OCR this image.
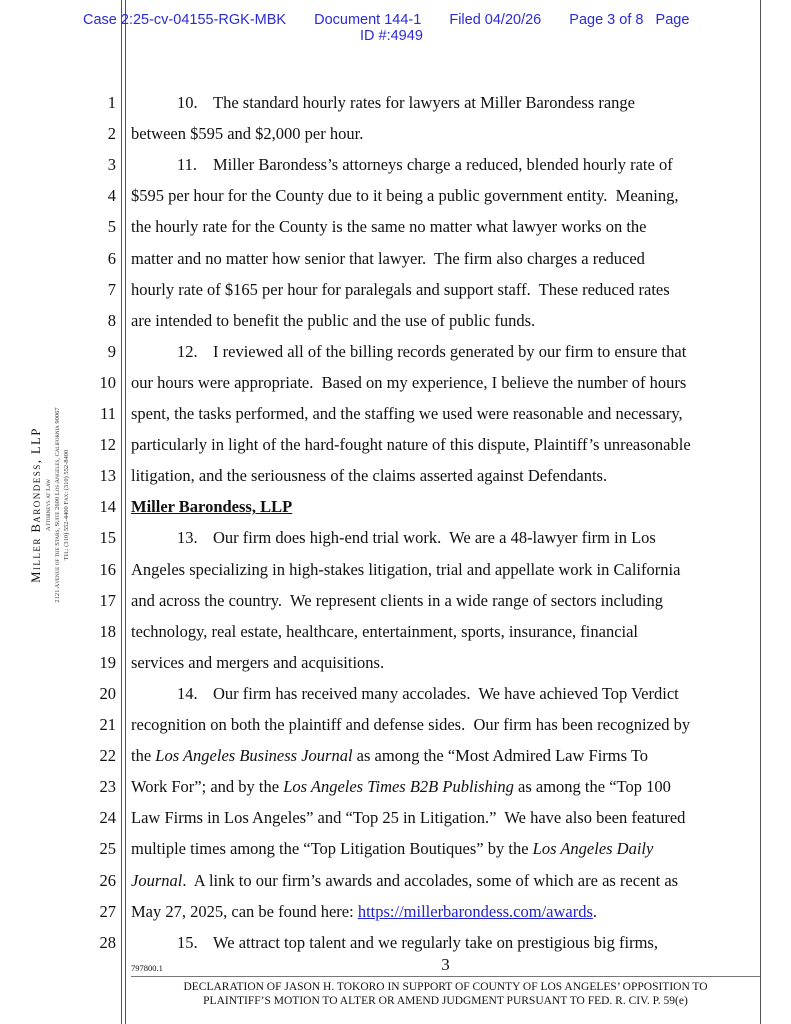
Case 2:25-cv-04155-RGK-MBK Document 144-1 Filed 04/20/26 Page 3 of 8   Page
ID #:4949
Miller Barondess, LLP Attorneys at Law 2121 Avenue of the Stars, Suite 2600 Los Angeles, California 90067 Tel: (310) 552-4400 Fax: (310) 552-8400
1	10. The standard hourly rates for lawyers at Miller Barondess range
2 between $595 and $2,000 per hour.
3	11. Miller Barondess’s attorneys charge a reduced, blended hourly rate of
4 $595 per hour for the County due to it being a public government entity.  Meaning,
5 the hourly rate for the County is the same no matter what lawyer works on the
6 matter and no matter how senior that lawyer.  The firm also charges a reduced
7 hourly rate of $165 per hour for paralegals and support staff.  These reduced rates
8 are intended to benefit the public and the use of public funds.
9	12. I reviewed all of the billing records generated by our firm to ensure that
10 our hours were appropriate.  Based on my experience, I believe the number of hours
11 spent, the tasks performed, and the staffing we used were reasonable and necessary,
12 particularly in light of the hard-fought nature of this dispute, Plaintiff’s unreasonable
13 litigation, and the seriousness of the claims asserted against Defendants.
14 Miller Barondess, LLP
15	13. Our firm does high-end trial work.  We are a 48-lawyer firm in Los
16 Angeles specializing in high-stakes litigation, trial and appellate work in California
17 and across the country.  We represent clients in a wide range of sectors including
18 technology, real estate, healthcare, entertainment, sports, insurance, financial
19 services and mergers and acquisitions.
20	14. Our firm has received many accolades.  We have achieved Top Verdict
21 recognition on both the plaintiff and defense sides.  Our firm has been recognized by
22 the Los Angeles Business Journal as among the “Most Admired Law Firms To
23 Work For”; and by the Los Angeles Times B2B Publishing as among the “Top 100
24 Law Firms in Los Angeles” and “Top 25 in Litigation.”  We have also been featured
25 multiple times among the “Top Litigation Boutiques” by the Los Angeles Daily
26 Journal.  A link to our firm’s awards and accolades, some of which are as recent as
27 May 27, 2025, can be found here: https://millerbarondess.com/awards.
28	15. We attract top talent and we regularly take on prestigious big firms,
3
797800.1
DECLARATION OF JASON H. TOKORO IN SUPPORT OF COUNTY OF LOS ANGELES’ OPPOSITION TO
PLAINTIFF’S MOTION TO ALTER OR AMEND JUDGMENT PURSUANT TO FED. R. CIV. P. 59(e)
